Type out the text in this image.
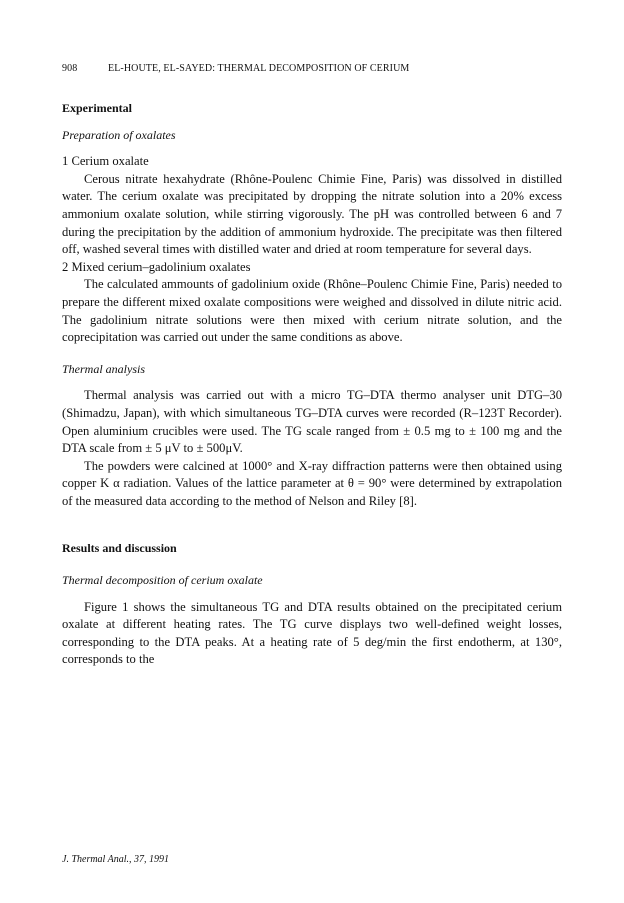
908	EL-HOUTE, EL-SAYED: THERMAL DECOMPOSITION OF CERIUM

Experimental

Preparation of oxalates

1 Cerium oxalate

Cerous nitrate hexahydrate (Rhône-Poulenc Chimie Fine, Paris) was dissolved in distilled water. The cerium oxalate was precipitated by dropping the nitrate solution into a 20% excess ammonium oxalate solution, while stirring vigorously. The pH was controlled between 6 and 7 during the precipitation by the addition of ammonium hydroxide. The precipitate was then filtered off, washed several times with distilled water and dried at room temperature for several days.

2 Mixed cerium–gadolinium oxalates

The calculated ammounts of gadolinium oxide (Rhône–Poulenc Chimie Fine, Paris) needed to prepare the different mixed oxalate compositions were weighed and dissolved in dilute nitric acid. The gadolinium nitrate solutions were then mixed with cerium nitrate solution, and the coprecipitation was carried out under the same conditions as above.

Thermal analysis

Thermal analysis was carried out with a micro TG–DTA thermo analyser unit DTG–30 (Shimadzu, Japan), with which simultaneous TG–DTA curves were recorded (R–123T Recorder). Open aluminium crucibles were used. The TG scale ranged from ± 0.5 mg to ± 100 mg and the DTA scale from ± 5 μV to ± 500μV.

The powders were calcined at 1000° and X-ray diffraction patterns were then obtained using copper K α radiation. Values of the lattice parameter at θ = 90° were determined by extrapolation of the measured data according to the method of Nelson and Riley [8].

Results and discussion

Thermal decomposition of cerium oxalate

Figure 1 shows the simultaneous TG and DTA results obtained on the precipitated cerium oxalate at different heating rates. The TG curve displays two well-defined weight losses, corresponding to the DTA peaks. At a heating rate of 5 deg/min the first endotherm, at 130°, corresponds to the

J. Thermal Anal., 37, 1991
